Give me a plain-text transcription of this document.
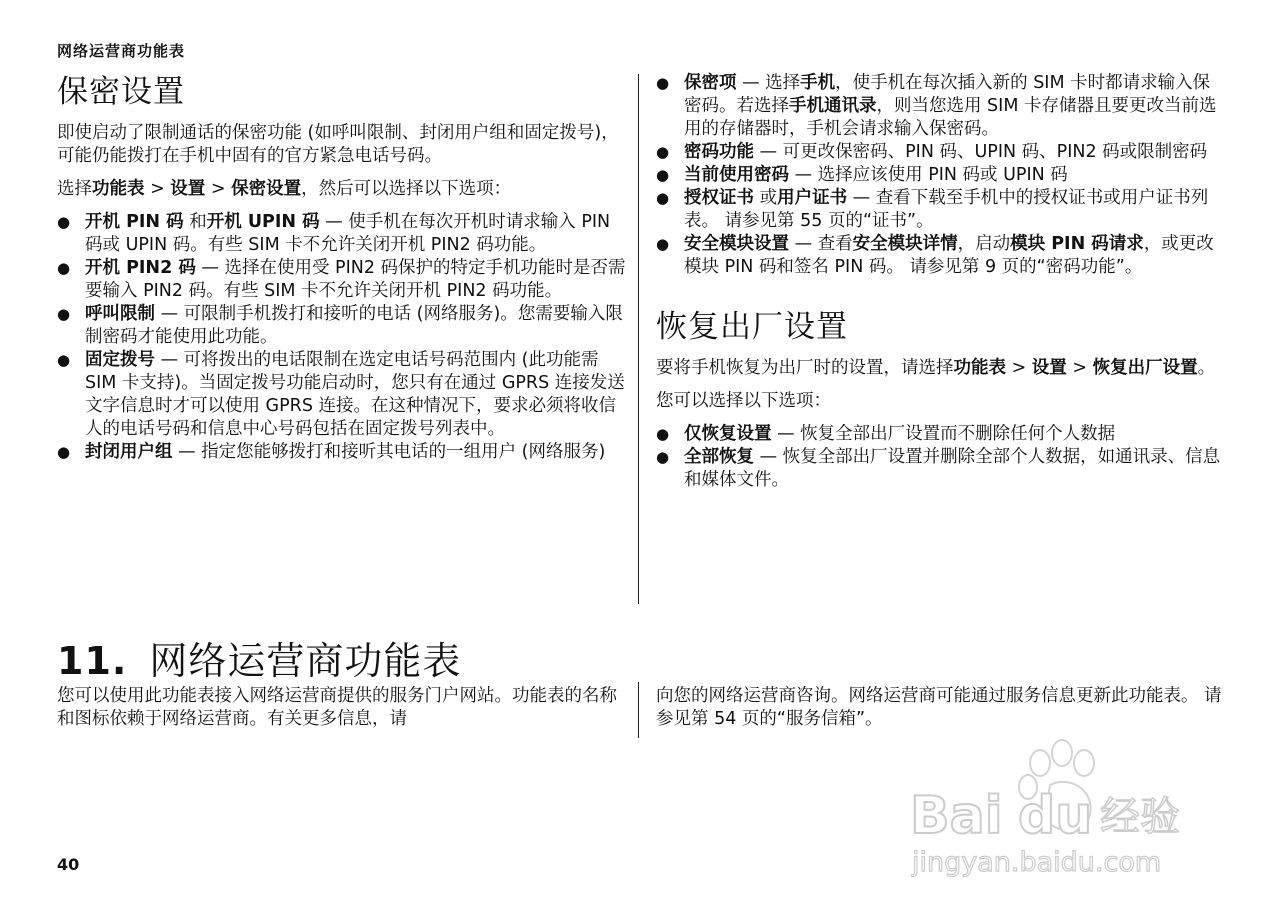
网络运营商功能表
保密设置

即使启动了限制通话的保密功能 (如呼叫限制、封闭用户组和固定拨号)，可能仍能拨打在手机中固有的官方紧急电话号码。

选择功能表 > 设置 > 保密设置，然后可以选择以下选项：

● 开机 PIN 码 和开机 UPIN 码 — 使手机在每次开机时请求输入 PIN 码或 UPIN 码。有些 SIM 卡不允许关闭开机 PIN2 码功能。
● 开机 PIN2 码 — 选择在使用受 PIN2 码保护的特定手机功能时是否需要输入 PIN2 码。有些 SIM 卡不允许关闭开机 PIN2 码功能。
● 呼叫限制 — 可限制手机拨打和接听的电话 (网络服务)。您需要输入限制密码才能使用此功能。
● 固定拨号 — 可将拨出的电话限制在选定电话号码范围内 (此功能需 SIM 卡支持)。当固定拨号功能启动时，您只有在通过 GPRS 连接发送文字信息时才可以使用 GPRS 连接。在这种情况下，要求必须将收信人的电话号码和信息中心号码包括在固定拨号列表中。
● 封闭用户组 — 指定您能够拨打和接听其电话的一组用户 (网络服务)
● 保密项 — 选择手机，使手机在每次插入新的 SIM 卡时都请求输入保密码。若选择手机通讯录，则当您选用 SIM 卡存储器且要更改当前选用的存储器时，手机会请求输入保密码。
● 密码功能 — 可更改保密码、PIN 码、UPIN 码、PIN2 码或限制密码
● 当前使用密码 — 选择应该使用 PIN 码或 UPIN 码
● 授权证书 或用户证书 — 查看下载至手机中的授权证书或用户证书列表。 请参见第 55 页的“证书”。
● 安全模块设置 — 查看安全模块详情，启动模块 PIN 码请求，或更改模块 PIN 码和签名 PIN 码。 请参见第 9 页的“密码功能”。
恢复出厂设置

要将手机恢复为出厂时的设置，请选择功能表 > 设置 > 恢复出厂设置。

您可以选择以下选项：

● 仅恢复设置 — 恢复全部出厂设置而不删除任何个人数据
● 全部恢复 — 恢复全部出厂设置并删除全部个人数据，如通讯录、信息和媒体文件。
11. 网络运营商功能表
您可以使用此功能表接入网络运营商提供的服务门户网站。功能表的名称和图标依赖于网络运营商。有关更多信息，请
向您的网络运营商咨询。网络运营商可能通过服务信息更新此功能表。 请参见第 54 页的“服务信箱”。
40
Bai du 经验
jingyan.baidu.com
